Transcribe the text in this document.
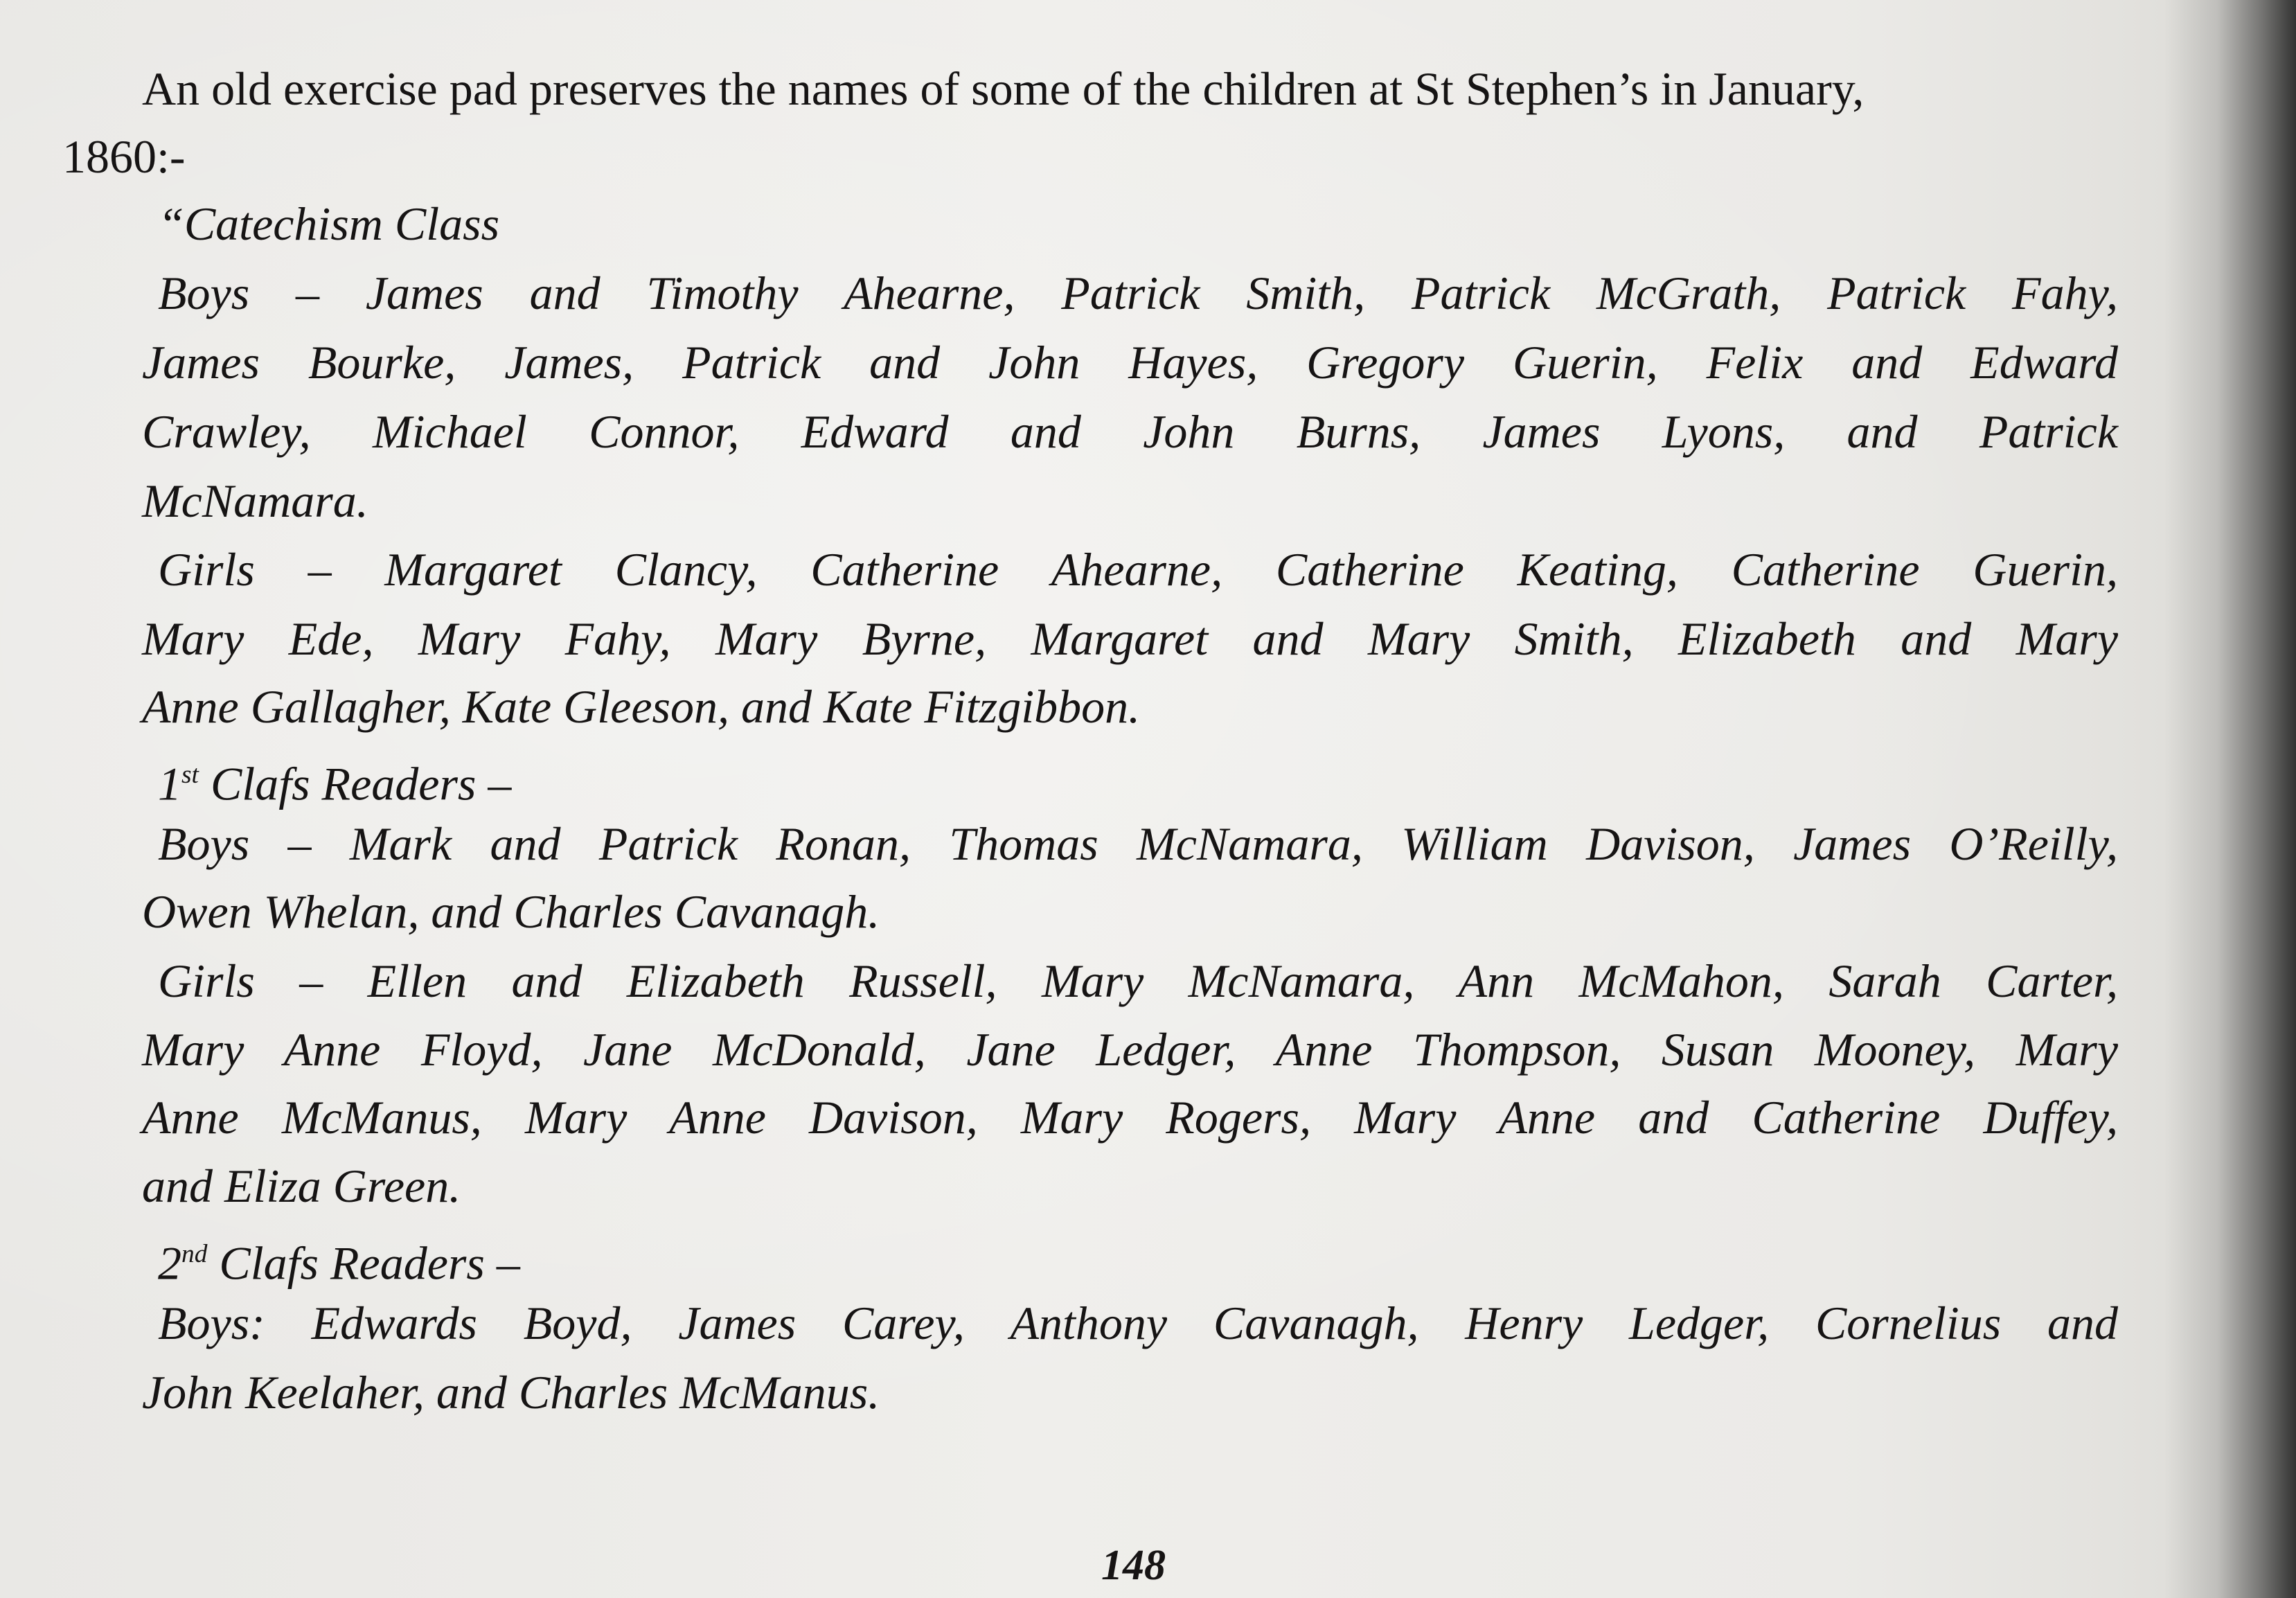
An old exercise pad preserves the names of some of the children at St Stephen’s in January,
1860:-
“Catechism Class
Boys – James and Timothy Ahearne, Patrick Smith, Patrick McGrath, Patrick Fahy,
James Bourke, James, Patrick and John Hayes, Gregory Guerin, Felix and Edward
Crawley, Michael Connor, Edward and John Burns, James Lyons, and Patrick
McNamara.
Girls – Margaret Clancy, Catherine Ahearne, Catherine Keating, Catherine Guerin,
Mary Ede, Mary Fahy, Mary Byrne, Margaret and Mary Smith, Elizabeth and Mary
Anne Gallagher, Kate Gleeson, and Kate Fitzgibbon.
1st Clafs Readers –
Boys – Mark and Patrick Ronan, Thomas McNamara, William Davison, James O’Reilly,
Owen Whelan, and Charles Cavanagh.
Girls – Ellen and Elizabeth Russell, Mary McNamara, Ann McMahon, Sarah Carter,
Mary Anne Floyd, Jane McDonald, Jane Ledger, Anne Thompson, Susan Mooney, Mary
Anne McManus, Mary Anne Davison, Mary Rogers, Mary Anne and Catherine Duffey,
and Eliza Green.
2nd Clafs Readers –
Boys: Edwards Boyd, James Carey, Anthony Cavanagh, Henry Ledger, Cornelius and
John Keelaher, and Charles McManus.
148
